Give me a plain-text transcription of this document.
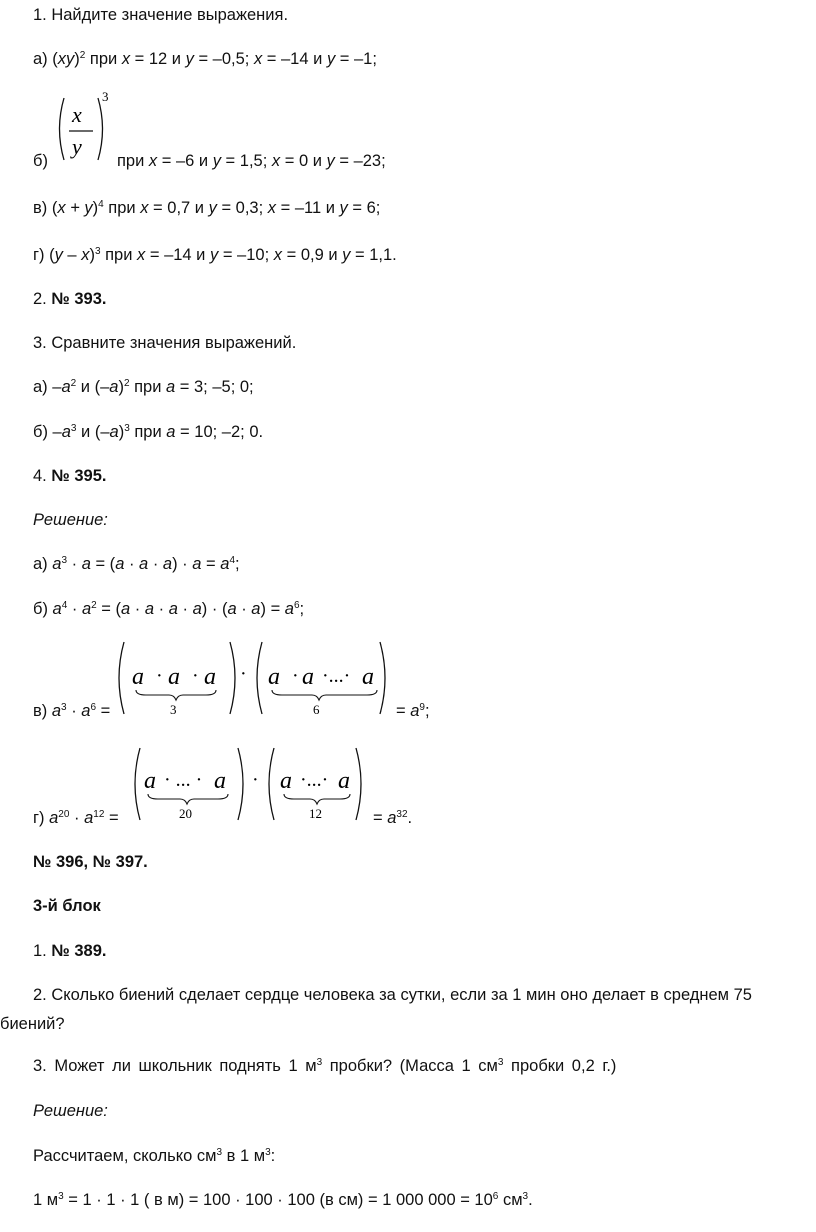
1. Найдите значение выражения.
а) (xy)$^2$ при x = 12 и y = –0,5; x = –14 и y = –1;
б)
x
y
3
при x = –6 и y = 1,5; x = 0 и y = –23;
в) $(x + y)^4$ при x = 0,7 и y = 0,3; x = –11 и y = 6;
г) (y – x)$^3$ при x = –14 и y = –10; x = 0,9 и y = 1,1.
2. № 393.
3. Сравните значения выражений.
а) $-a^2$ и $(-a)^2$ при a = 3; –5; 0;
б) $-a^3$ и $(-a)^3$ при a = 10; –2; 0.
4. № 395.
Решение:
а) $a^3 \cdot a = (a \cdot a \cdot a) \cdot a = a^4$;
б) $a^4 \cdot a^2 = (a \cdot a \cdot a \cdot a) \cdot (a \cdot a) = a^6$;
в) $a^3 \cdot a^6$ =
a · a · a
3
· a · a ·...· a
6	= $a^9$;
г) $a^{20} \cdot a^{12}$ =
a · ... · a
20
· a ·...· a
12	= $a^{32}$.
№ 396, № 397.
3-й блок
1. № 389.
2. Сколько биений сделает сердце человека за сутки, если за 1 мин оно делает в среднем 75
биений?
3. Может ли школьник поднять 1 $м^3$ пробки? (Масса 1 $см^3$ пробки 0,2 г.)
Решение:
Рассчитаем, сколько $см^3$ в 1 $м^3$:
1 $м^3 = 1 \cdot 1 \cdot 1$ ( в м) = 100 · 100 · 100 (в см) = 1 000 $000 = 10^6$ $см^3$.
